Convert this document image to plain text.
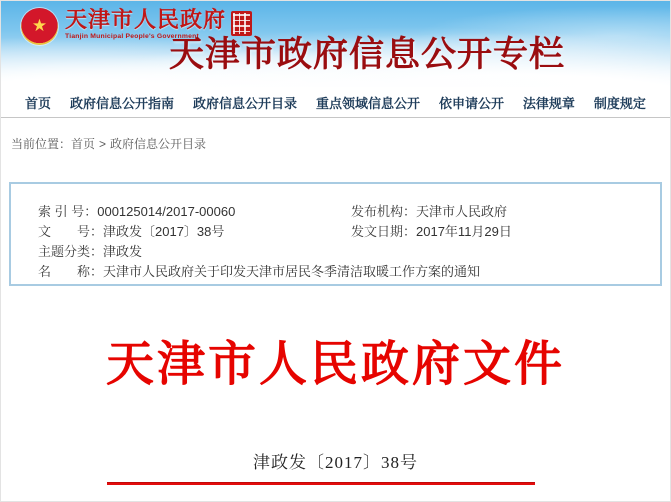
★ 天津市人民政府
Tianjin Municipal People's Government
天津市政府信息公开专栏
首页 政府信息公开指南 政府信息公开目录 重点领域信息公开 依申请公开 法律规章 制度规定
当前位置：首页 > 政府信息公开目录
索 引 号： 000125014/2017-00060	发布机构： 天津市人民政府
文　　号： 津政发〔2017〕38号	发文日期： 2017年11月29日
主题分类： 津政发
名　　称： 天津市人民政府关于印发天津市居民冬季清洁取暖工作方案的通知
天津市人民政府文件
津政发〔2017〕38号
